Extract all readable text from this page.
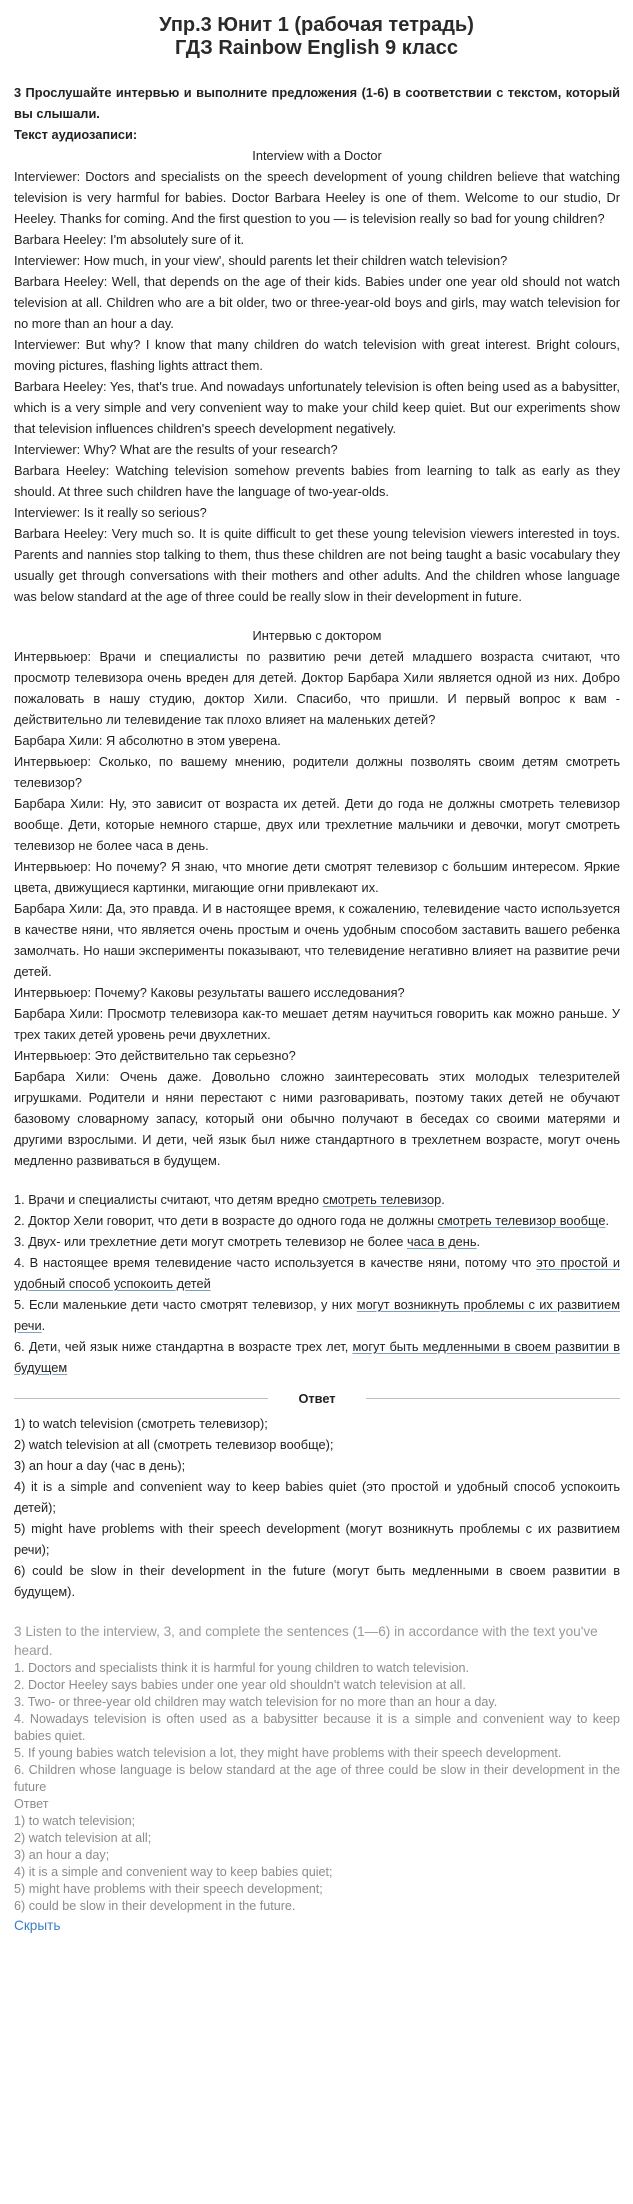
Упр.3 Юнит 1 (рабочая тетрадь)
ГДЗ Rainbow English 9 класс

3 Прослушайте интервью и выполните предложения (1-6) в соответствии с текстом, который вы слышали.

Текст аудиозаписи:

Interview with a Doctor

Interviewer: Doctors and specialists on the speech development of young children believe that watching television is very harmful for babies. Doctor Barbara Heeley is one of them. Welcome to our studio, Dr Heeley. Thanks for coming. And the first question to you — is television really so bad for young children?

Barbara Heeley: I'm absolutely sure of it.

Interviewer: How much, in your view', should parents let their children watch television?

Barbara Heeley: Well, that depends on the age of their kids. Babies under one year old should not watch television at all. Children who are a bit older, two or three-year-old boys and girls, may watch television for no more than an hour a day.

Interviewer: But why? I know that many children do watch television with great interest. Bright colours, moving pictures, flashing lights attract them.

Barbara Heeley: Yes, that's true. And nowadays unfortunately television is often being used as a babysitter, which is a very simple and very convenient way to make your child keep quiet. But our experiments show that television influences children's speech development negatively.

Interviewer: Why? What are the results of your research?

Barbara Heeley: Watching television somehow prevents babies from learning to talk as early as they should. At three such children have the language of two-year-olds.

Interviewer: Is it really so serious?

Barbara Heeley: Very much so. It is quite difficult to get these young television viewers interested in toys. Parents and nannies stop talking to them, thus these children are not being taught a basic vocabulary they usually get through conversations with their mothers and other adults. And the children whose language was below standard at the age of three could be really slow in their development in future.

Интервью с доктором

Интервьюер: Врачи и специалисты по развитию речи детей младшего возраста считают, что просмотр телевизора очень вреден для детей. Доктор Барбара Хили является одной из них. Добро пожаловать в нашу студию, доктор Хили. Спасибо, что пришли. И первый вопрос к вам - действительно ли телевидение так плохо влияет на маленьких детей?

Барбара Хили: Я абсолютно в этом уверена.

Интервьюер: Сколько, по вашему мнению, родители должны позволять своим детям смотреть телевизор?

Барбара Хили: Ну, это зависит от возраста их детей. Дети до года не должны смотреть телевизор вообще. Дети, которые немного старше, двух или трехлетние мальчики и девочки, могут смотреть телевизор не более часа в день.

Интервьюер: Но почему? Я знаю, что многие дети смотрят телевизор с большим интересом. Яркие цвета, движущиеся картинки, мигающие огни привлекают их.

Барбара Хили: Да, это правда. И в настоящее время, к сожалению, телевидение часто используется в качестве няни, что является очень простым и очень удобным способом заставить вашего ребенка замолчать. Но наши эксперименты показывают, что телевидение негативно влияет на развитие речи детей.

Интервьюер: Почему? Каковы результаты вашего исследования?

Барбара Хили: Просмотр телевизора как-то мешает детям научиться говорить как можно раньше. У трех таких детей уровень речи двухлетних.

Интервьюер: Это действительно так серьезно?

Барбара Хили: Очень даже. Довольно сложно заинтересовать этих молодых телезрителей игрушками. Родители и няни перестают с ними разговаривать, поэтому таких детей не обучают базовому словарному запасу, который они обычно получают в беседах со своими матерями и другими взрослыми. И дети, чей язык был ниже стандартного в трехлетнем возрасте, могут очень медленно развиваться в будущем.

1. Врачи и специалисты считают, что детям вредно смотреть телевизор.

2. Доктор Хели говорит, что дети в возрасте до одного года не должны смотреть телевизор вообще.

3. Двух- или трехлетние дети могут смотреть телевизор не более часа в день.

4. В настоящее время телевидение часто используется в качестве няни, потому что это простой и удобный способ успокоить детей

5. Если маленькие дети часто смотрят телевизор, у них могут возникнуть проблемы с их развитием речи.

6. Дети, чей язык ниже стандартна в возрасте трех лет, могут быть медленными в своем развитии в будущем

Ответ

1) to watch television (смотреть телевизор);

2) watch television at all (смотреть телевизор вообще);

3) an hour a day (час в день);

4) it is a simple and convenient way to keep babies quiet (это простой и удобный способ успокоить детей);

5) might have problems with their speech development (могут возникнуть проблемы с их развитием речи);

6) could be slow in their development in the future (могут быть медленными в своем развитии в будущем).

3 Listen to the interview, 3, and complete the sentences (1—6) in accordance with the text you've heard.

1. Doctors and specialists think it is harmful for young children to watch television.

2. Doctor Heeley says babies under one year old shouldn't watch television at all.

3. Two- or three-year old children may watch television for no more than an hour a day.

4. Nowadays television is often used as a babysitter because it is a simple and convenient way to keep babies quiet.

5. If young babies watch television a lot, they might have problems with their speech development.

6. Children whose language is below standard at the age of three could be slow in their development in the future

Ответ

1) to watch television;

2) watch television at all;

3) an hour a day;

4) it is a simple and convenient way to keep babies quiet;

5) might have problems with their speech development;

6) could be slow in their development in the future.

Скрыть
